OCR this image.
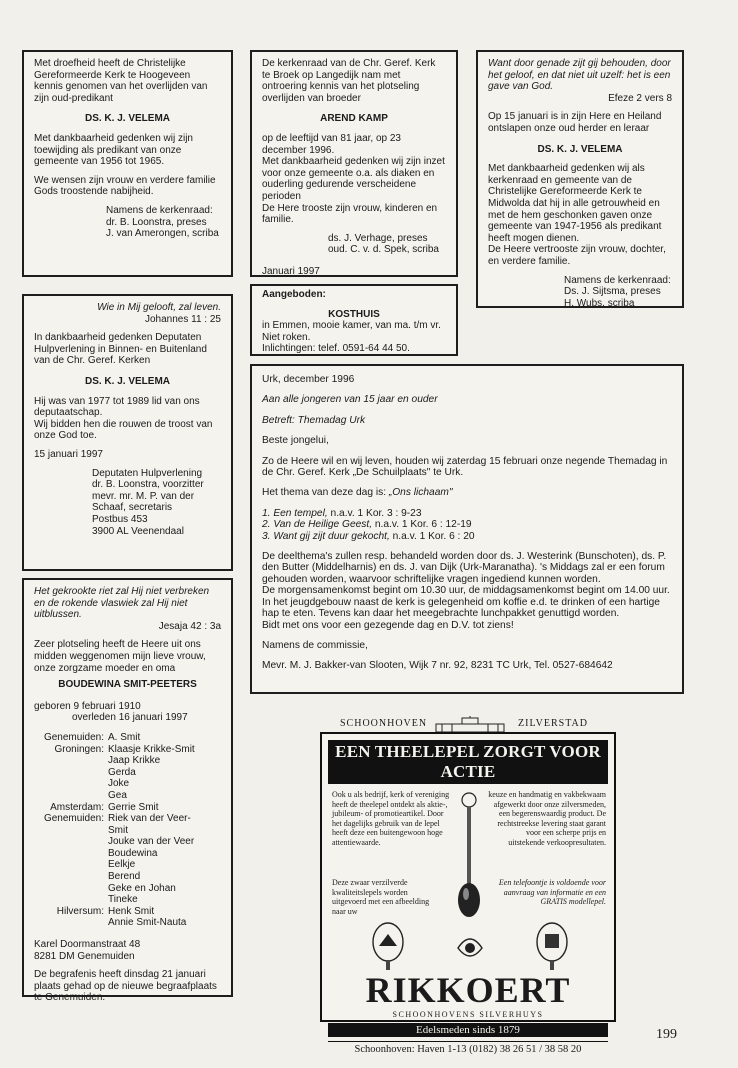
Met droefheid heeft de Christelijke Gereformeerde Kerk te Hoogeveen kennis genomen van het overlijden van zijn oud-predikant

DS. K. J. VELEMA

Met dankbaarheid gedenken wij zijn toewijding als predikant van onze gemeente van 1956 tot 1965.

We wensen zijn vrouw en verdere familie Gods troostende nabijheid.

Namens de kerkenraad:
dr. B. Loonstra, preses
J. van Amerongen, scriba

De kerkenraad van de Chr. Geref. Kerk te Broek op Langedijk nam met ontroering kennis van het plotseling overlijden van broeder

AREND KAMP

op de leeftijd van 81 jaar, op 23 december 1996.
Met dankbaarheid gedenken wij zijn inzet voor onze gemeente o.a. als diaken en ouderling gedurende verscheidene perioden
De Here trooste zijn vrouw, kinderen en familie.

ds. J. Verhage, preses
oud. C. v. d. Spek, scriba

Januari 1997

Want door genade zijt gij behouden, door het geloof, en dat niet uit uzelf: het is een gave van God.

Efeze 2 vers 8

Op 15 januari is in zijn Here en Heiland ontslapen onze oud herder en leraar

DS. K. J. VELEMA

Met dankbaarheid gedenken wij als kerkenraad en gemeente van de Christelijke Gereformeerde Kerk te Midwolda dat hij in alle getrouwheid en met de hem geschonken gaven onze gemeente van 1947-1956 als predikant heeft mogen dienen.
De Heere vertrooste zijn vrouw, dochter, en verdere familie.

Namens de kerkenraad:
Ds. J. Sijtsma, preses
H. Wubs, scriba

Aangeboden:

KOSTHUIS

in Emmen, mooie kamer, van ma. t/m vr. Niet roken.
Inlichtingen: telef. 0591-64 44 50.

Wie in Mij gelooft, zal leven.

Johannes 11 : 25

In dankbaarheid gedenken Deputaten Hulpverlening in Binnen- en Buitenland van de Chr. Geref. Kerken

DS. K. J. VELEMA

Hij was van 1977 tot 1989 lid van ons deputaatschap.
Wij bidden hen die rouwen de troost van onze God toe.

15 januari 1997

Deputaten Hulpverlening
dr. B. Loonstra, voorzitter
mevr. mr. M. P. van der
Schaaf, secretaris
Postbus 453
3900 AL Veenendaal

Urk, december 1996

Aan alle jongeren van 15 jaar en ouder

Betreft: Themadag Urk

Beste jongelui,

Zo de Heere wil en wij leven, houden wij zaterdag 15 februari onze negende Themadag in de Chr. Geref. Kerk „De Schuilplaats" te Urk.

Het thema van deze dag is: „Ons lichaam"

1. Een tempel, n.a.v. 1 Kor. 3 : 9-23
2. Van de Heilige Geest, n.a.v. 1 Kor. 6 : 12-19
3. Want gij zijt duur gekocht, n.a.v. 1 Kor. 6 : 20

De deelthema's zullen resp. behandeld worden door ds. J. Westerink (Bunschoten), ds. P. den Butter (Middelharnis) en ds. J. van Dijk (Urk-Maranatha). 's Middags zal er een forum gehouden worden, waarvoor schriftelijke vragen ingediend kunnen worden.
De morgensamenkomst begint om 10.30 uur, de middagsamenkomst begint om 14.00 uur. In het jeugdgebouw naast de kerk is gelegenheid om koffie e.d. te drinken of een hartige hap te eten. Tevens kan daar het meegebrachte lunchpakket genuttigd worden.
Bidt met ons voor een gezegende dag en D.V. tot ziens!

Namens de commissie,

Mevr. M. J. Bakker-van Slooten, Wijk 7 nr. 92, 8231 TC Urk, Tel. 0527-684642

Het gekrookte riet zal Hij niet verbreken en de rokende vlaswiek zal Hij niet uitblussen.

Jesaja 42 : 3a

Zeer plotseling heeft de Heere uit ons midden weggenomen mijn lieve vrouw, onze zorgzame moeder en oma

BOUDEWINA SMIT-PEETERS

geboren 9 februari 1910

overleden 16 januari 1997

Genemuiden: A. Smit
Groningen: Klaasje Krikke-Smit
Jaap Krikke
Gerda
Joke
Gea
Amsterdam: Gerrie Smit
Genemuiden: Riek van der Veer-
Smit
Jouke van der Veer
Boudewina
Eelkje
Berend
Geke en Johan
Tineke
Hilversum: Henk Smit
Annie Smit-Nauta

Karel Doormanstraat 48
8281 DM Genemuiden

De begrafenis heeft dinsdag 21 januari plaats gehad op de nieuwe begraafplaats te Genemuiden.

SCHOONHOVEN	ZILVERSTAD
EEN THEELEPEL ZORGT VOOR ACTIE
Ook u als bedrijf, kerk of vereniging heeft de theelepel ontdekt als aktie-, jubileum- of promotieartikel. Door het dagelijks gebruik van de lepel heeft deze een buitengewoon hoge attentiewaarde.
keuze en handmatig en vakbekwaam afgewerkt door onze zilversmeden, een begerenswaardig product. De rechtstreekse levering staat garant voor een scherpe prijs en uitstekende verkoopresultaten.
Deze zwaar verzilverde kwaliteitslepels worden uitgevoerd met een afbeelding naar uw
Een telefoontje is voldoende voor aanvraag van informatie en een GRATIS modellepel.
RIKKOERT
SCHOONHOVENS SILVERHUYS
Edelsmeden sinds 1879
Schoonhoven: Haven 1-13 (0182) 38 26 51 / 38 58 20
199
